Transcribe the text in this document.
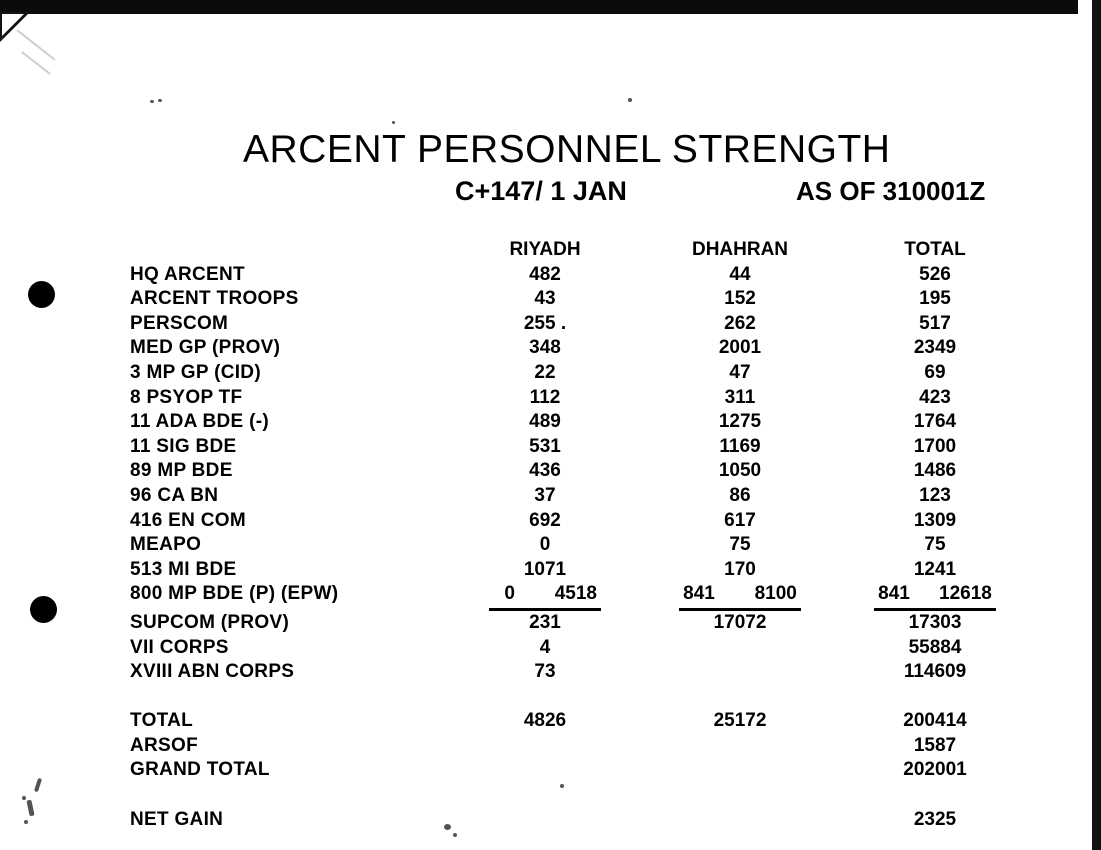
ARCENT PERSONNEL STRENGTH
C+147/ 1 JAN	AS OF 310001Z
	RIYADH	DHAHRAN	TOTAL
HQ ARCENT	482	44	526
ARCENT TROOPS	43	152	195
PERSCOM	255 .	262	517
MED GP (PROV)	348	2001	2349
3 MP GP (CID)	22	47	69
8 PSYOP TF	112	311	423
11 ADA BDE (-)	489	1275	1764
11 SIG BDE	531	1169	1700
89 MP BDE	436	1050	1486
96 CA BN	37	86	123
416 EN COM	692	617	1309
MEAPO	0	75	75
513 MI BDE	1071	170	1241
800 MP BDE (P) (EPW)	0 4518	841 8100	841 12618
SUPCOM (PROV)	231	17072	17303
VII CORPS	4		55884
XVIII ABN CORPS	73		114609

TOTAL	4826	25172	200414
ARSOF			1587
GRAND TOTAL			202001

NET GAIN			2325
